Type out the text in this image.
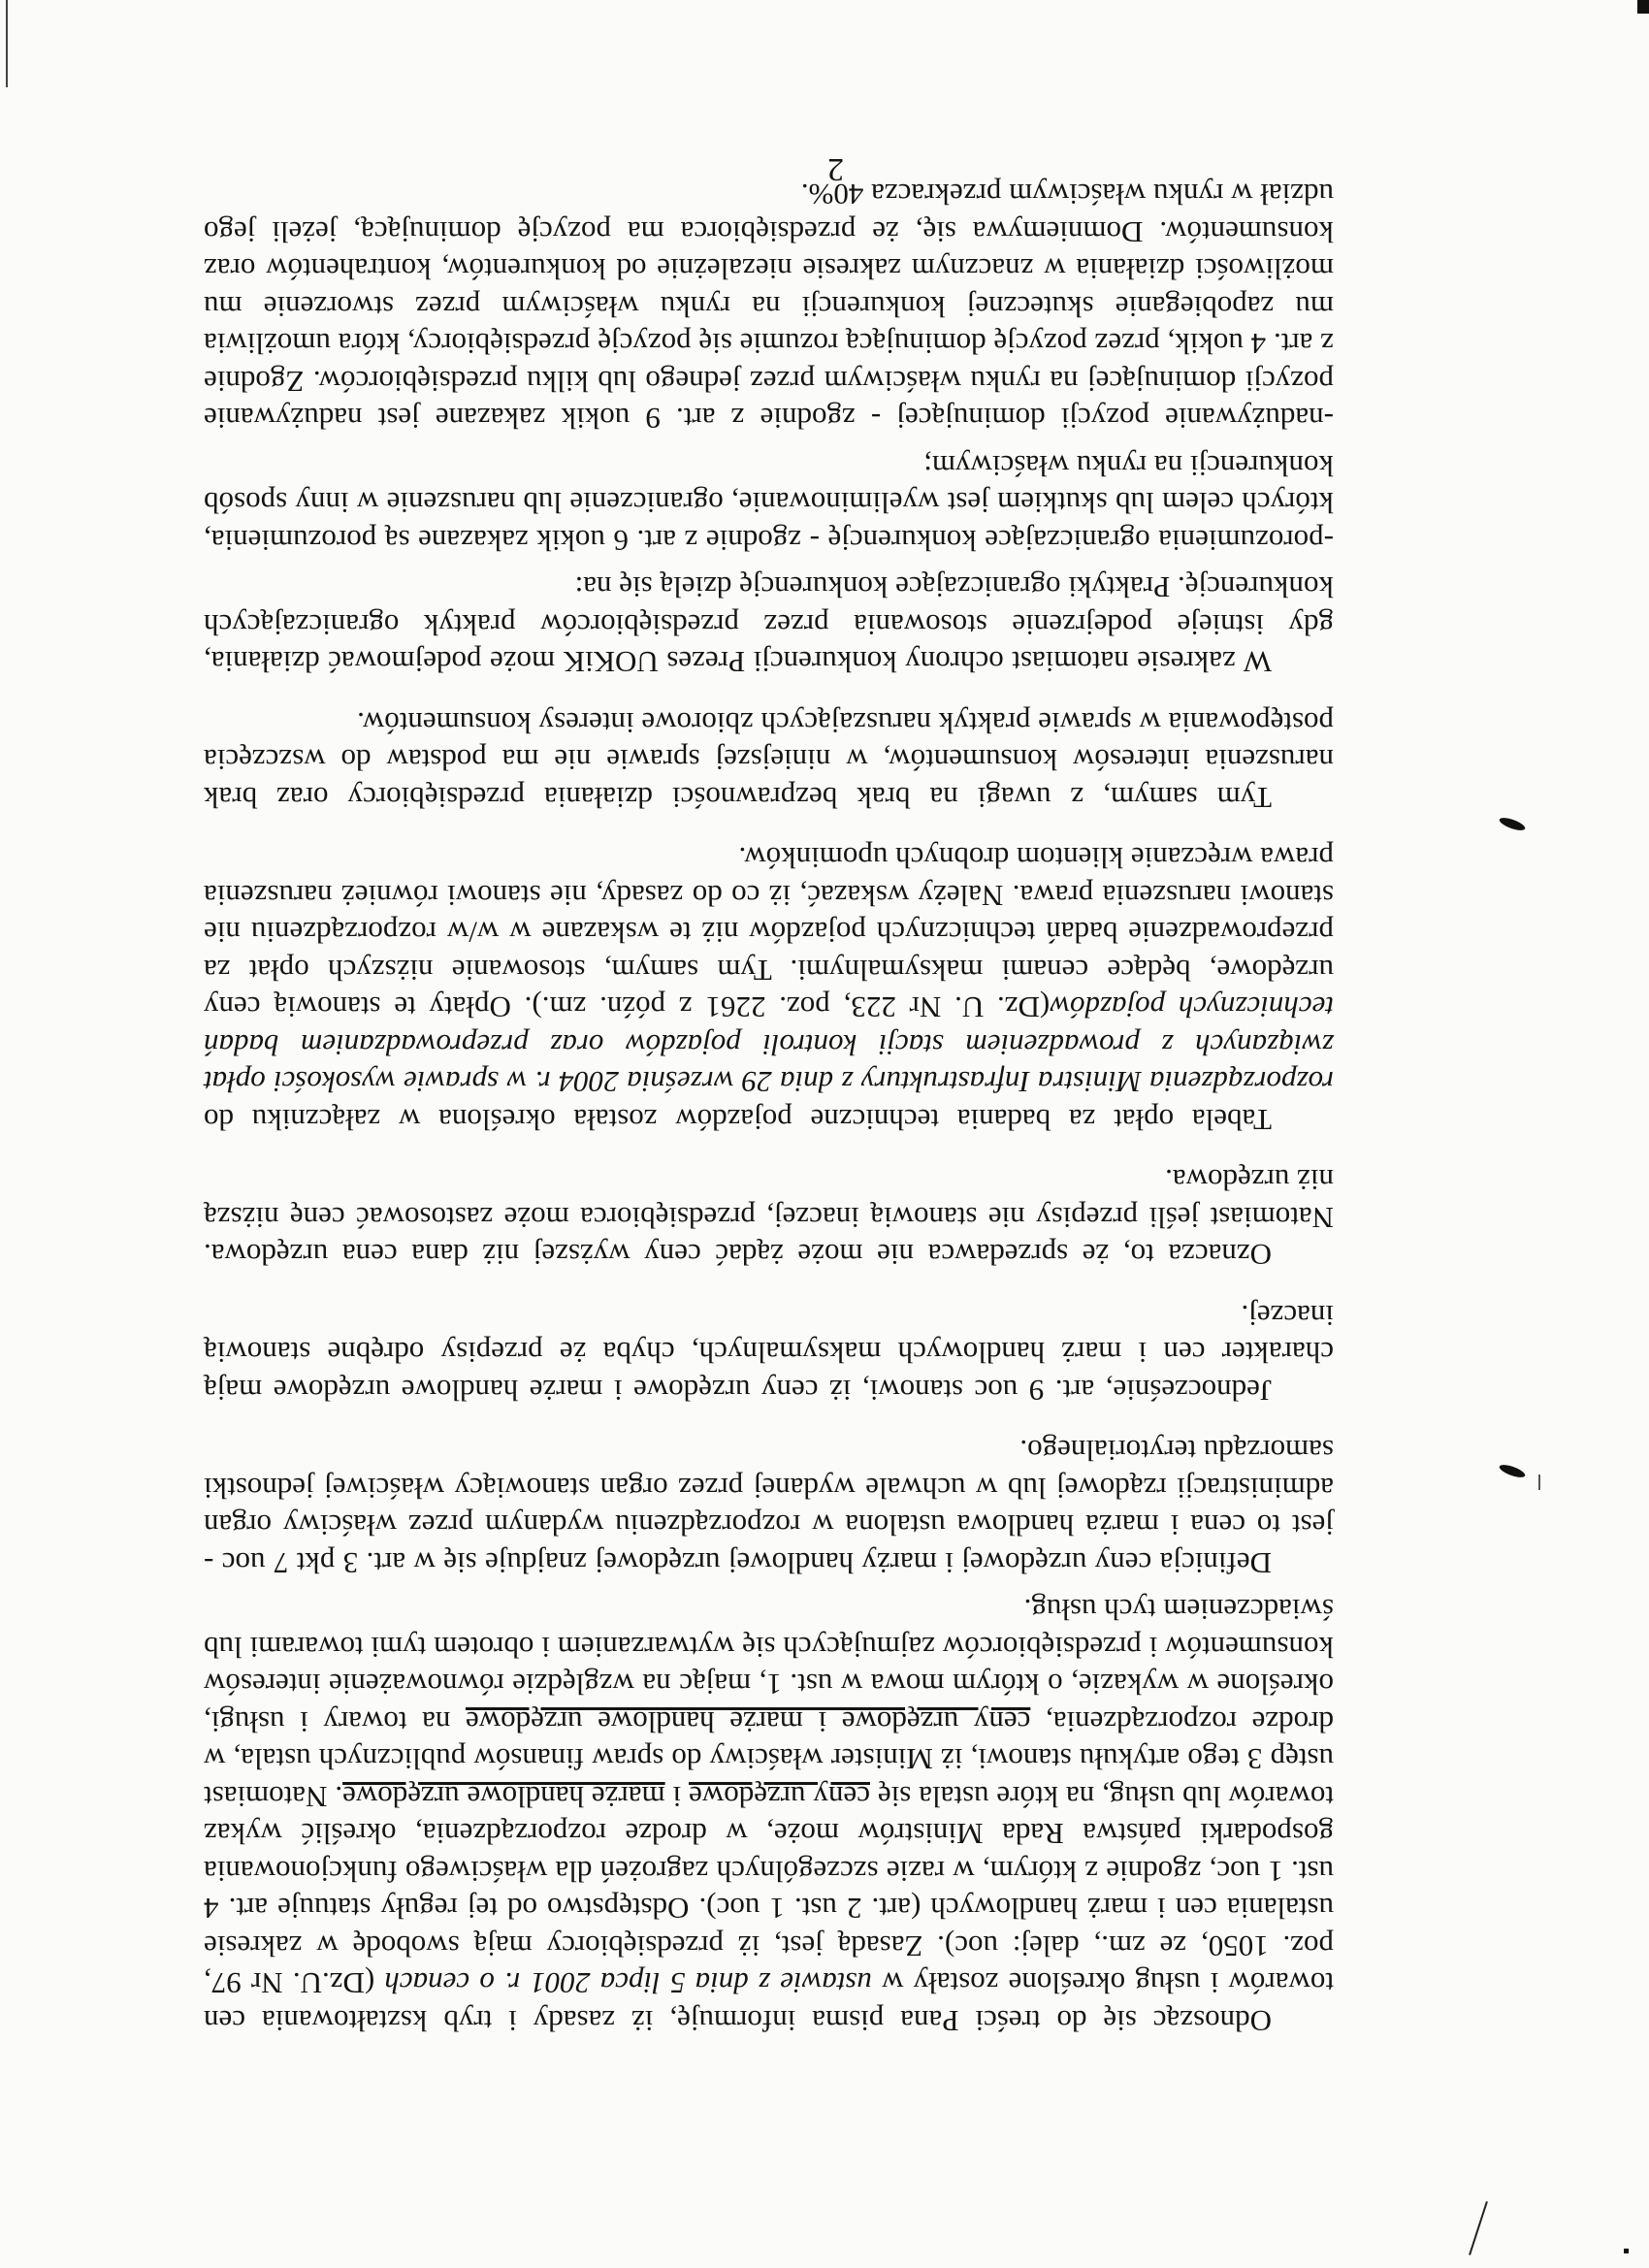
Odnosząc się do treści Pana pisma informuję, iż zasady i tryb kształtowania cen towarów i usług określone zostały w ustawie z dnia 5 lipca 2001 r. o cenach (Dz.U. Nr 97, poz. 1050, ze zm., dalej: uoc). Zasadą jest, iż przedsiębiorcy mają swobodę w zakresie ustalania cen i marż handlowych (art. 2 ust. 1 uoc). Odstępstwo od tej reguły statuuje art. 4 ust. 1 uoc, zgodnie z którym, w razie szczególnych zagrożeń dla właściwego funkcjonowania gospodarki państwa Rada Ministrów może, w drodze rozporządzenia, określić wykaz towarów lub usług, na które ustala się ceny urzędowe i marże handlowe urzędowe. Natomiast ustęp 3 tego artykułu stanowi, iż Minister właściwy do spraw finansów publicznych ustala, w drodze rozporządzenia, ceny urzędowe i marże handlowe urzędowe na towary i usługi, określone w wykazie, o którym mowa w ust. 1, mając na względzie równoważenie interesów konsumentów i przedsiębiorców zajmujących się wytwarzaniem i obrotem tymi towarami lub świadczeniem tych usług.

Definicja ceny urzędowej i marży handlowej urzędowej znajduje się w art. 3 pkt 7 uoc - jest to cena i marża handlowa ustalona w rozporządzeniu wydanym przez właściwy organ administracji rządowej lub w uchwale wydanej przez organ stanowiący właściwej jednostki samorządu terytorialnego.

Jednocześnie, art. 9 uoc stanowi, iż ceny urzędowe i marże handlowe urzędowe mają charakter cen i marż handlowych maksymalnych, chyba że przepisy odrębne stanowią inaczej.

Oznacza to, że sprzedawca nie może żądać ceny wyższej niż dana cena urzędowa. Natomiast jeśli przepisy nie stanowią inaczej, przedsiębiorca może zastosować cenę niższą niż urzędowa.

Tabela opłat za badania techniczne pojazdów została określona w załączniku do rozporządzenia Ministra Infrastruktury z dnia 29 września 2004 r. w sprawie wysokości opłat związanych z prowadzeniem stacji kontroli pojazdów oraz przeprowadzaniem badań technicznych pojazdów(Dz. U. Nr 223, poz. 2261 z późn. zm.). Opłaty te stanowią ceny urzędowe, będące cenami maksymalnymi. Tym samym, stosowanie niższych opłat za przeprowadzenie badań technicznych pojazdów niż te wskazane w w/w rozporządzeniu nie stanowi naruszenia prawa. Należy wskazać, iż co do zasady, nie stanowi również naruszenia prawa wręczanie klientom drobnych upominków.

Tym samym, z uwagi na brak bezprawności działania przedsiębiorcy oraz brak naruszenia interesów konsumentów, w niniejszej sprawie nie ma podstaw do wszczęcia postępowania w sprawie praktyk naruszających zbiorowe interesy konsumentów.

W zakresie natomiast ochrony konkurencji Prezes UOKiK może podejmować działania, gdy istnieje podejrzenie stosowania przez przedsiębiorców praktyk ograniczających konkurencję. Praktyki ograniczające konkurencję dzielą się na:

-porozumienia ograniczające konkurencję - zgodnie z art. 6 uokik zakazane są porozumienia, których celem lub skutkiem jest wyeliminowanie, ograniczenie lub naruszenie w inny sposób konkurencji na rynku właściwym;

-nadużywanie pozycji dominującej - zgodnie z art. 9 uokik zakazane jest nadużywanie pozycji dominującej na rynku właściwym przez jednego lub kilku przedsiębiorców. Zgodnie z art. 4 uokik, przez pozycję dominującą rozumie się pozycję przedsiębiorcy, która umożliwia mu zapobieganie skutecznej konkurencji na rynku właściwym przez stworzenie mu możliwości działania w znacznym zakresie niezależnie od konkurentów, kontrahentów oraz konsumentów. Domniemywa się, że przedsiębiorca ma pozycję dominującą, jeżeli jego udział w rynku właściwym przekracza 40%.

2
